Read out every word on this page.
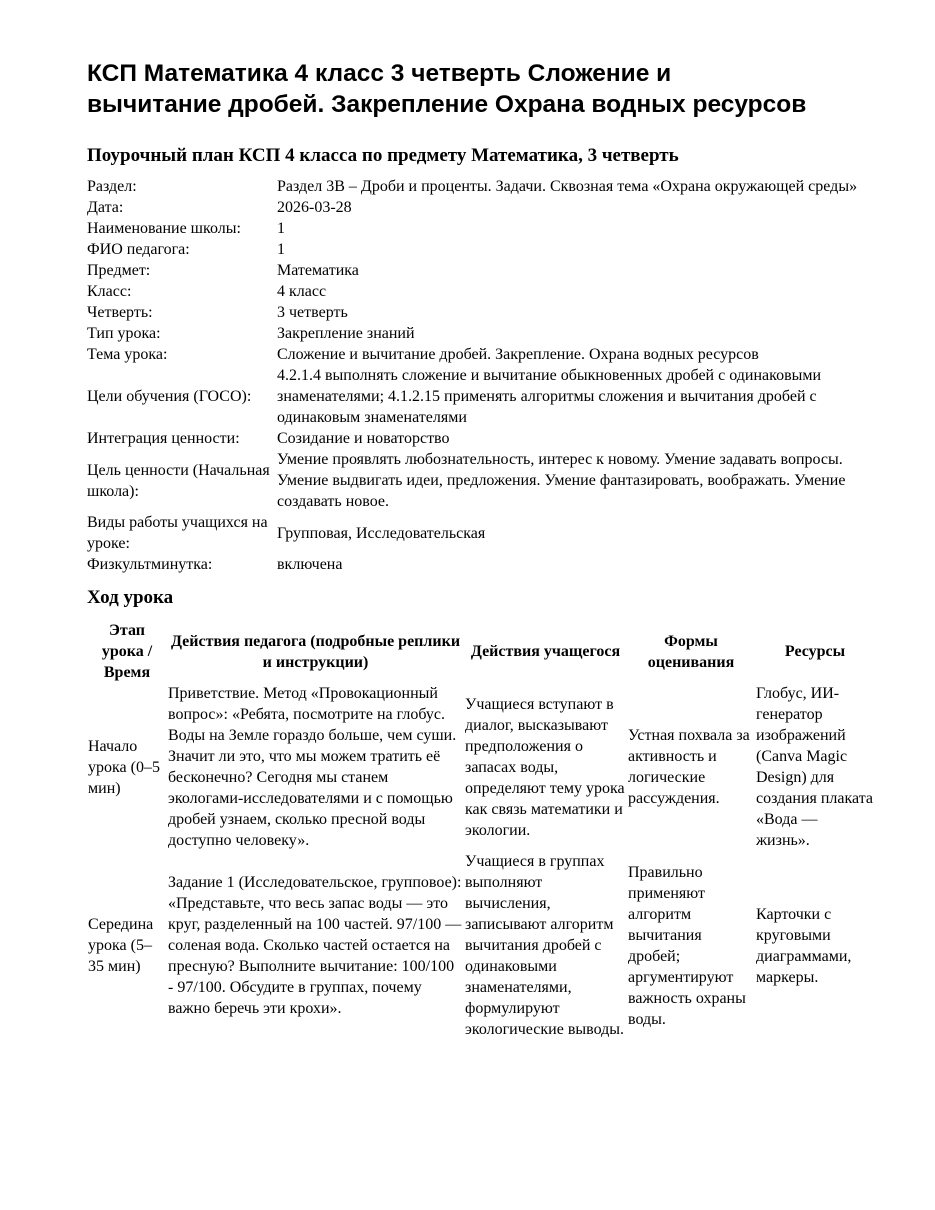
КСП Математика 4 класс 3 четверть Сложение и вычитание дробей. Закрепление Охрана водных ресурсов
Поурочный план КСП 4 класса по предмету Математика, 3 четверть
Раздел:	Раздел 3В – Дроби и проценты. Задачи. Сквозная тема «Охрана окружающей среды»
Дата:	2026-03-28
Наименование школы:	1
ФИО педагога:	1
Предмет:	Математика
Класс:	4 класс
Четверть:	3 четверть
Тип урока:	Закрепление знаний
Тема урока:	Сложение и вычитание дробей. Закрепление. Охрана водных ресурсов
Цели обучения (ГОСО):	4.2.1.4 выполнять сложение и вычитание обыкновенных дробей с одинаковыми знаменателями; 4.1.2.15 применять алгоритмы сложения и вычитания дробей с одинаковым знаменателями
Интеграция ценности:	Созидание и новаторство
Цель ценности (Начальная школа):	Умение проявлять любознательность, интерес к новому. Умение задавать вопросы. Умение выдвигать идеи, предложения. Умение фантазировать, воображать. Умение создавать новое.
Виды работы учащихся на уроке:	Групповая, Исследовательская
Физкультминутка:	включена
Ход урока
Этап урока / Время	Действия педагога (подробные реплики и инструкции)	Действия учащегося	Формы оценивания	Ресурсы
Начало урока (0–5 мин)	Приветствие. Метод «Провокационный вопрос»: «Ребята, посмотрите на глобус. Воды на Земле гораздо больше, чем суши. Значит ли это, что мы можем тратить её бесконечно? Сегодня мы станем экологами-исследователями и с помощью дробей узнаем, сколько пресной воды доступно человеку».	Учащиеся вступают в диалог, высказывают предположения о запасах воды, определяют тему урока как связь математики и экологии.	Устная похвала за активность и логические рассуждения.	Глобус, ИИ-генератор изображений (Canva Magic Design) для создания плаката «Вода — жизнь».
Середина урока (5–35 мин)	Задание 1 (Исследовательское, групповое): «Представьте, что весь запас воды — это круг, разделенный на 100 частей. 97/100 — соленая вода. Сколько частей остается на пресную? Выполните вычитание: 100/100 - 97/100. Обсудите в группах, почему важно беречь эти крохи».	Учащиеся в группах выполняют вычисления, записывают алгоритм вычитания дробей с одинаковыми знаменателями, формулируют экологические выводы.	Правильно применяют алгоритм вычитания дробей; аргументируют важность охраны воды.	Карточки с круговыми диаграммами, маркеры.
